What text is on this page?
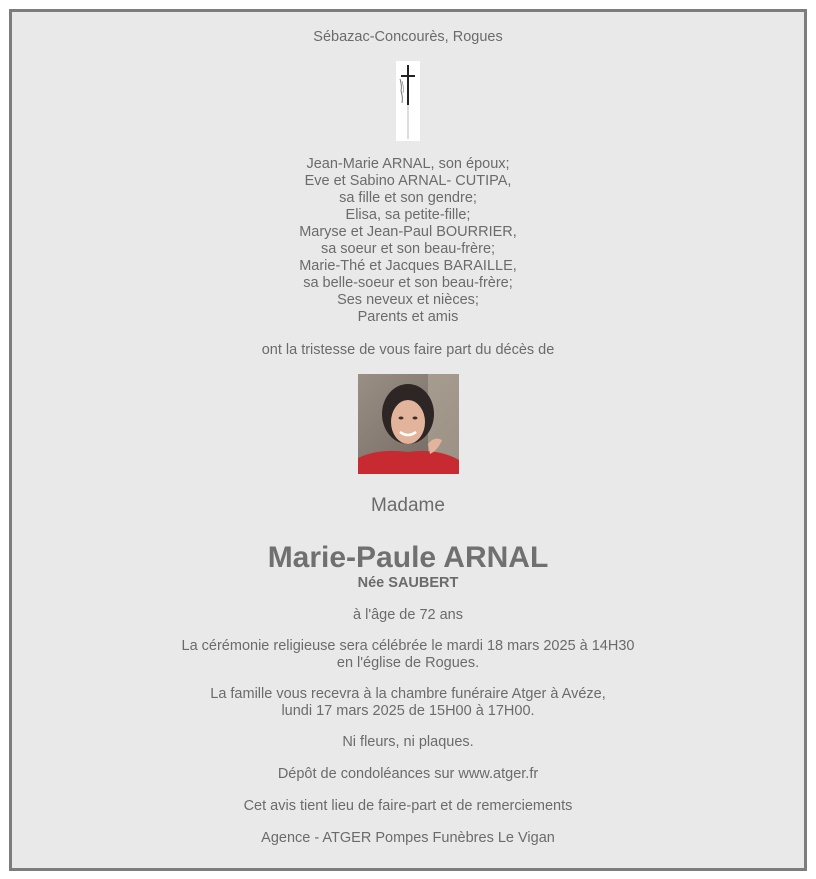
Sébazac-Concourès, Rogues
Jean-Marie ARNAL, son époux;
Eve et Sabino ARNAL- CUTIPA,
sa fille et son gendre;
Elisa, sa petite-fille;
Maryse et Jean-Paul BOURRIER,
sa soeur et son beau-frère;
Marie-Thé et Jacques BARAILLE,
sa belle-soeur et son beau-frère;
Ses neveux et nièces;
Parents et amis
ont la tristesse de vous faire part du décès de
Madame
Marie-Paule ARNAL
Née SAUBERT
à l'âge de 72 ans
La cérémonie religieuse sera célébrée le mardi 18 mars 2025 à 14H30
en l'église de Rogues.
La famille vous recevra à la chambre funéraire Atger à Avéze,
lundi 17 mars 2025 de 15H00 à 17H00.
Ni fleurs, ni plaques.
Dépôt de condoléances sur www.atger.fr
Cet avis tient lieu de faire-part et de remerciements
Agence - ATGER Pompes Funèbres Le Vigan
